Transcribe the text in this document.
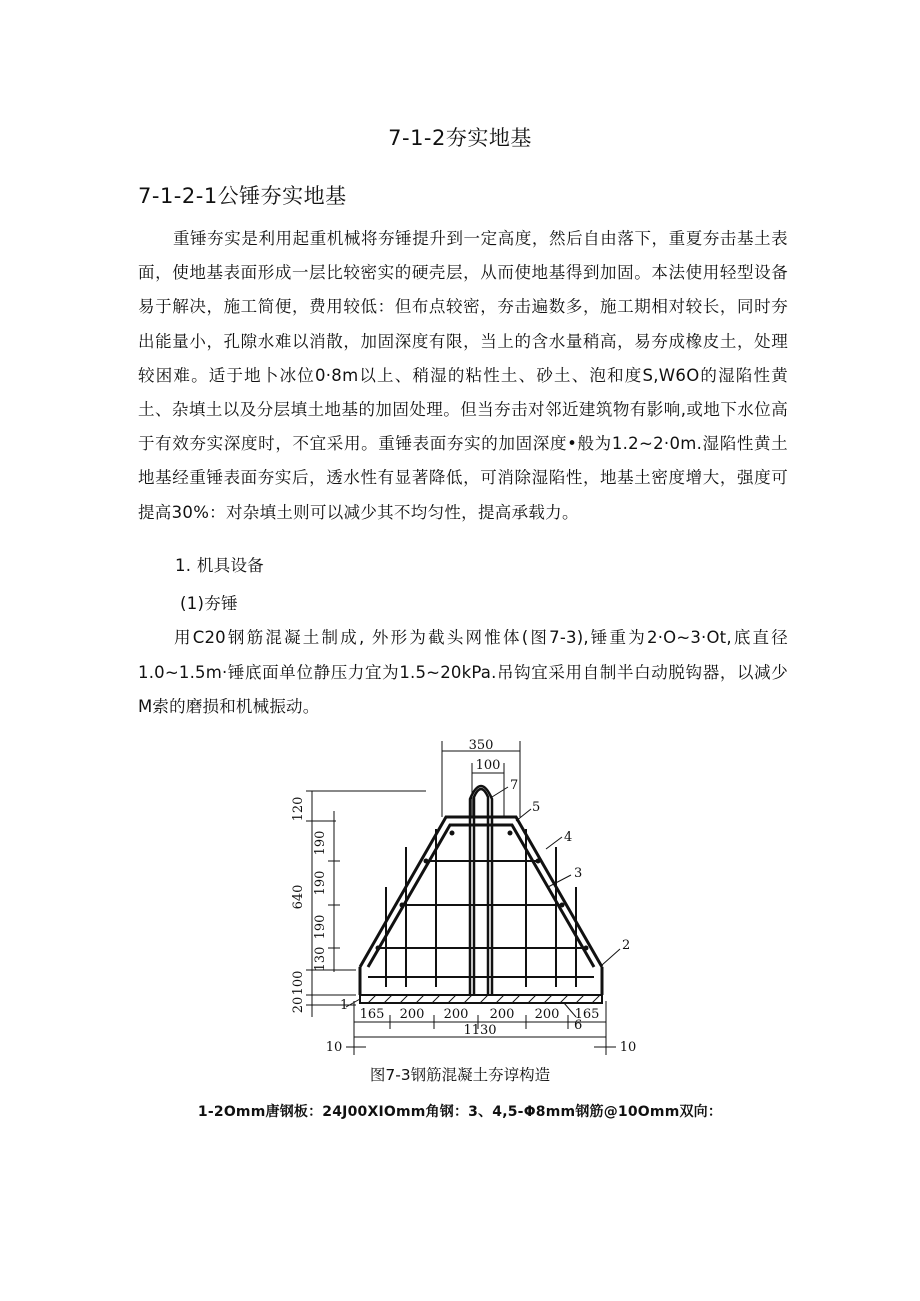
7-1-2夯实地基
7-1-2-1公锤夯实地基
重锤夯实是利用起重机械将夯锤提升到一定高度，然后自由落下，重夏夯击基土表面，使地基表面形成一层比较密实的硬壳层，从而使地基得到加固。本法使用轻型设备易于解决，施工简便，费用较低：但布点较密，夯击遍数多，施工期相对较长，同时夯出能量小，孔隙水难以消散，加固深度有限，当上的含水量稍高，易夯成橡皮土，处理较困难。适于地卜冰位0·8m以上、稍湿的粘性土、砂土、泡和度S,W6O的湿陷性黄土、杂填土以及分层填土地基的加固处理。但当夯击对邻近建筑物有影响,或地下水位高于有效夯实深度时，不宜采用。重锤表面夯实的加固深度•般为1.2~2·0m.湿陷性黄土地基经重锤表面夯实后，透水性有显著降低，可消除湿陷性，地基土密度增大，强度可提高30%：对杂填土则可以减少其不均匀性，提高承载力。
1. 机具设备
(1)夯锤
用C20钢筋混凝土制成, 外形为截头网惟体(图7-3),锤重为2·O~3·Ot,底直径1.0~1.5m·锤底面单位静压力宜为1.5~20kPa.吊钩宜采用自制半白动脱钩器，以减少M索的磨损和机械振动。
350
100
120
640
100
20
190
190
190
130
165 200 200 200 200 165
1130
10	10
1
2
3
4
5
6
7
图7-3钢筋混凝土夯谆构造
1-2Omm唐钢板：24J00XIOmm角钢：3、4,5-Φ8mm钢筋@10Omm双向：
